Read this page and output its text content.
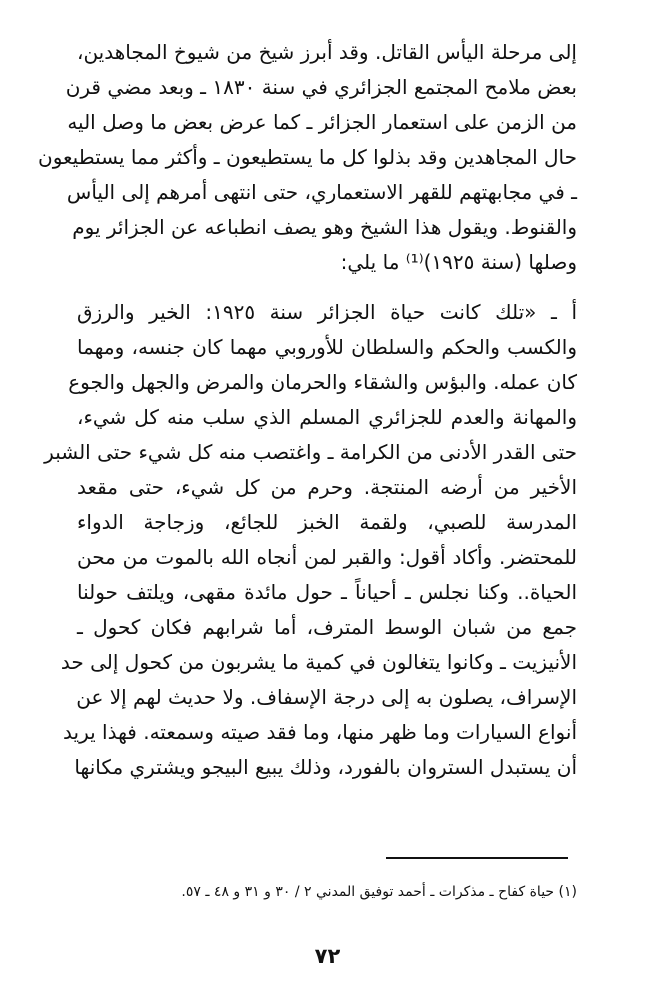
إلى مرحلة اليأس القاتل. وقد أبرز شيخ من شيوخ المجاهدين،
بعض ملامح المجتمع الجزائري في سنة ١٨٣٠ ـ وبعد مضي قرن
من الزمن على استعمار الجزائر ـ كما عرض بعض ما وصل اليه
حال المجاهدين وقد بذلوا كل ما يستطيعون ـ وأكثر مما يستطيعون
ـ في مجابهتهم للقهر الاستعماري، حتى انتهى أمرهم إلى اليأس
والقنوط. ويقول هذا الشيخ وهو يصف انطباعه عن الجزائر يوم
وصلها (سنة ١٩٢٥)⁽¹⁾ ما يلي:
أ ـ «تلك كانت حياة الجزائر سنة ١٩٢٥: الخير والرزق
والكسب والحكم والسلطان للأوروبي مهما كان جنسه، ومهما
كان عمله. والبؤس والشقاء والحرمان والمرض والجهل والجوع
والمهانة والعدم للجزائري المسلم الذي سلب منه كل شيء،
حتى القدر الأدنى من الكرامة ـ واغتصب منه كل شيء حتى الشبر
الأخير من أرضه المنتجة. وحرم من كل شيء، حتى مقعد
المدرسة للصبي، ولقمة الخبز للجائع، وزجاجة الدواء
للمحتضر. وأكاد أقول: والقبر لمن أنجاه الله بالموت من محن
الحياة.. وكنا نجلس ـ أحياناً ـ حول مائدة مقهى، ويلتف حولنا
جمع من شبان الوسط المترف، أما شرابهم فكان كحول ـ
الأنيزيت ـ وكانوا يتغالون في كمية ما يشربون من كحول إلى حد
الإسراف، يصلون به إلى درجة الإسفاف. ولا حديث لهم إلا عن
أنواع السيارات وما ظهر منها، وما فقد صيته وسمعته. فهذا يريد
أن يستبدل الستروان بالفورد، وذلك يبيع البيجو ويشتري مكانها
(١) حياة كفاح ـ مذكرات ـ أحمد توفيق المدني ٢ / ٣٠ و ٣١ و ٤٨ ـ ٥٧.
٧٢
